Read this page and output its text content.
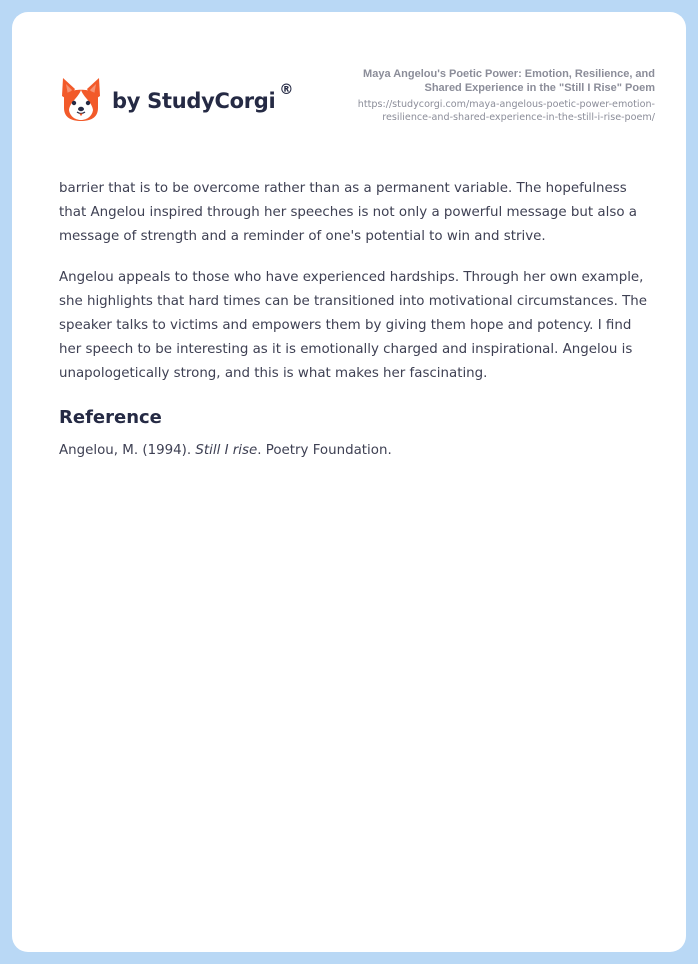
by StudyCorgi ®
Maya Angelou's Poetic Power: Emotion, Resilience, and
Shared Experience in the "Still I Rise" Poem
https://studycorgi.com/maya-angelous-poetic-power-emotion-
resilience-and-shared-experience-in-the-still-i-rise-poem/

barrier that is to be overcome rather than as a permanent variable. The hopefulness that Angelou inspired through her speeches is not only a powerful message but also a message of strength and a reminder of one's potential to win and strive.

Angelou appeals to those who have experienced hardships. Through her own example, she highlights that hard times can be transitioned into motivational circumstances. The speaker talks to victims and empowers them by giving them hope and potency. I find her speech to be interesting as it is emotionally charged and inspirational. Angelou is unapologetically strong, and this is what makes her fascinating.

Reference

Angelou, M. (1994). Still I rise. Poetry Foundation.
